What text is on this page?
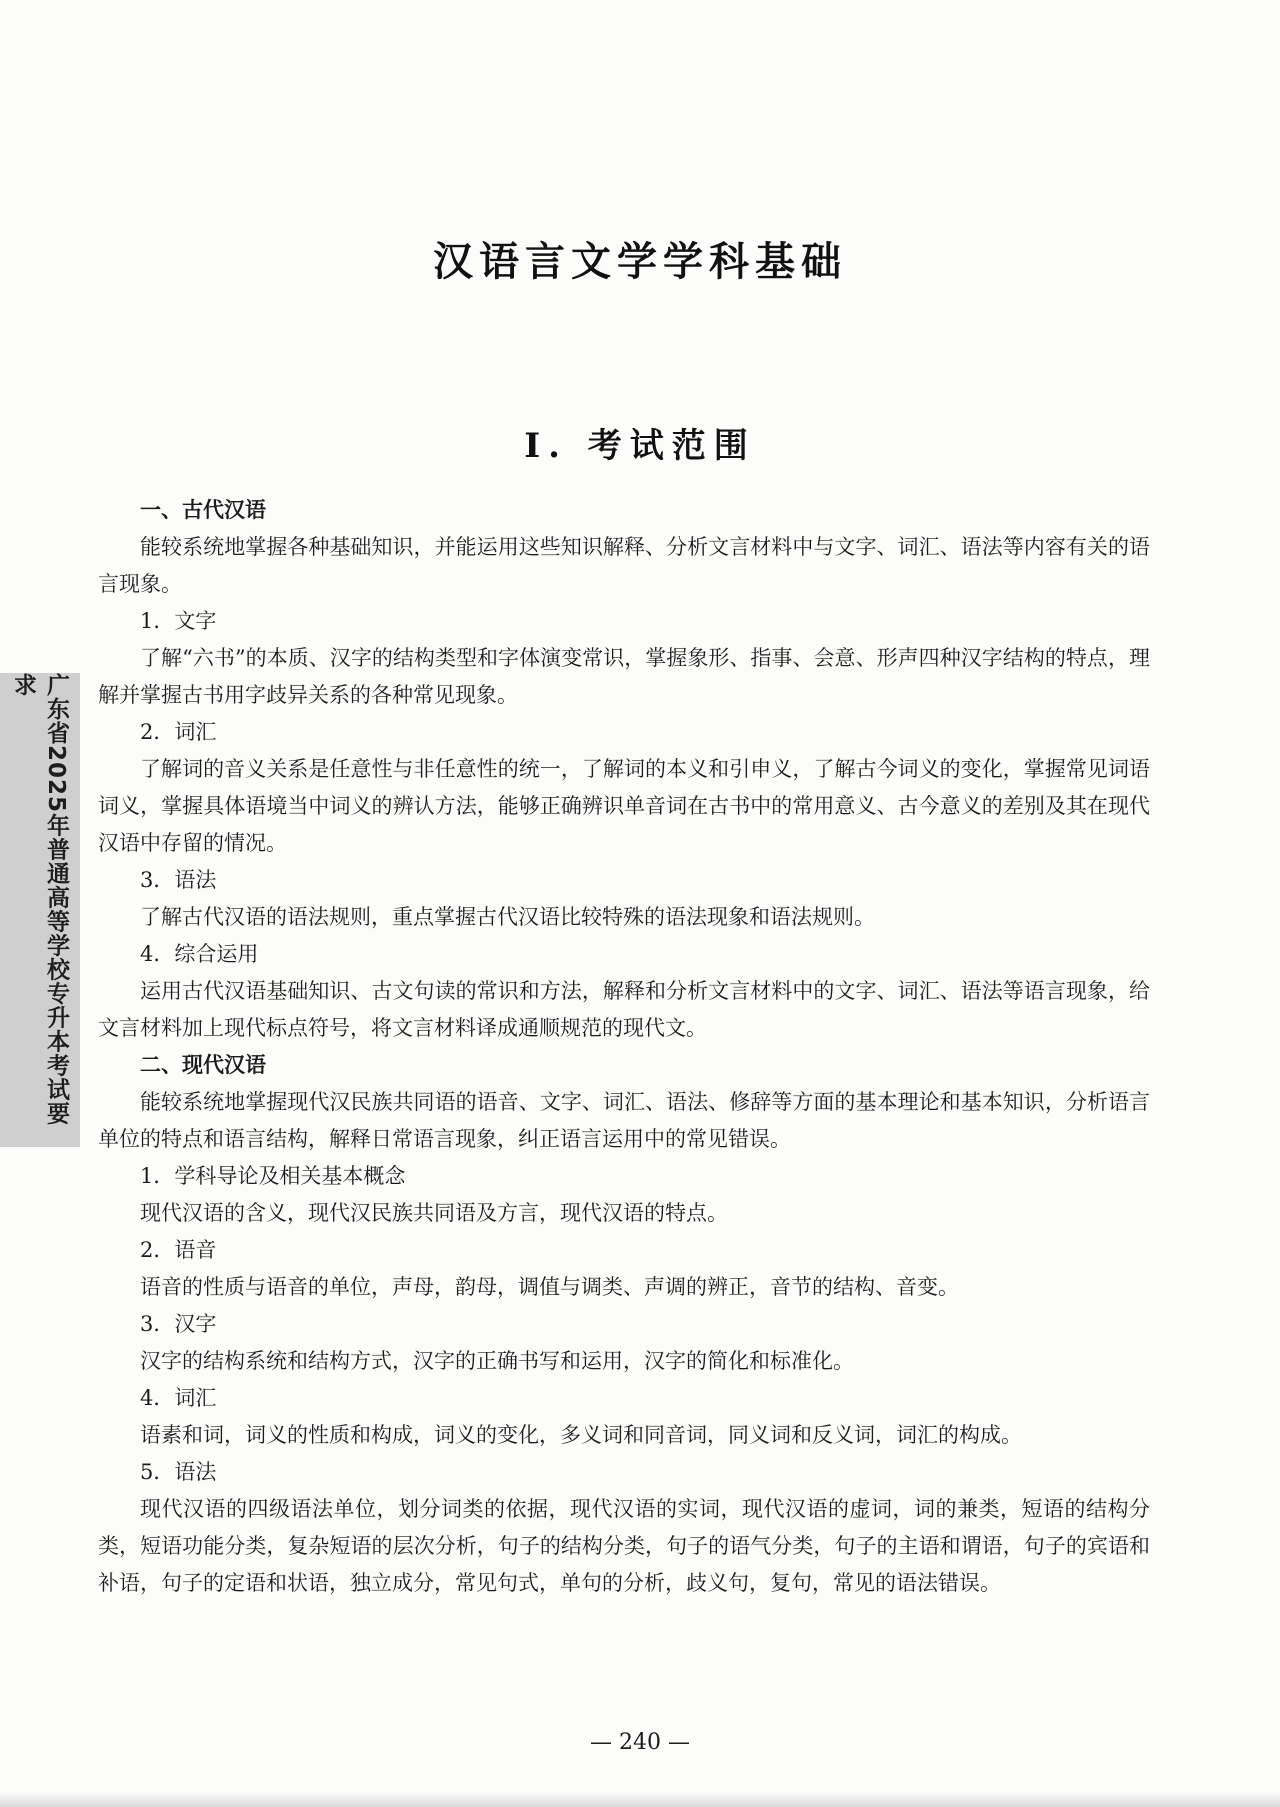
汉语言文学学科基础
Ⅰ. 考试范围
广东省2025年普通高等学校专升本考试要求
一、古代汉语
能较系统地掌握各种基础知识，并能运用这些知识解释、分析文言材料中与文字、词汇、语法等内容有关的语言现象。
1．文字
了解“六书”的本质、汉字的结构类型和字体演变常识，掌握象形、指事、会意、形声四种汉字结构的特点，理解并掌握古书用字歧异关系的各种常见现象。
2．词汇
了解词的音义关系是任意性与非任意性的统一，了解词的本义和引申义，了解古今词义的变化，掌握常见词语词义，掌握具体语境当中词义的辨认方法，能够正确辨识单音词在古书中的常用意义、古今意义的差别及其在现代汉语中存留的情况。
3．语法
了解古代汉语的语法规则，重点掌握古代汉语比较特殊的语法现象和语法规则。
4．综合运用
运用古代汉语基础知识、古文句读的常识和方法，解释和分析文言材料中的文字、词汇、语法等语言现象，给文言材料加上现代标点符号，将文言材料译成通顺规范的现代文。
二、现代汉语
能较系统地掌握现代汉民族共同语的语音、文字、词汇、语法、修辞等方面的基本理论和基本知识，分析语言单位的特点和语言结构，解释日常语言现象，纠正语言运用中的常见错误。
1．学科导论及相关基本概念
现代汉语的含义，现代汉民族共同语及方言，现代汉语的特点。
2．语音
语音的性质与语音的单位，声母，韵母，调值与调类、声调的辨正，音节的结构、音变。
3．汉字
汉字的结构系统和结构方式，汉字的正确书写和运用，汉字的简化和标准化。
4．词汇
语素和词，词义的性质和构成，词义的变化，多义词和同音词，同义词和反义词，词汇的构成。
5．语法
现代汉语的四级语法单位，划分词类的依据，现代汉语的实词，现代汉语的虚词，词的兼类，短语的结构分类，短语功能分类，复杂短语的层次分析，句子的结构分类，句子的语气分类，句子的主语和谓语，句子的宾语和补语，句子的定语和状语，独立成分，常见句式，单句的分析，歧义句，复句，常见的语法错误。
— 240 —
